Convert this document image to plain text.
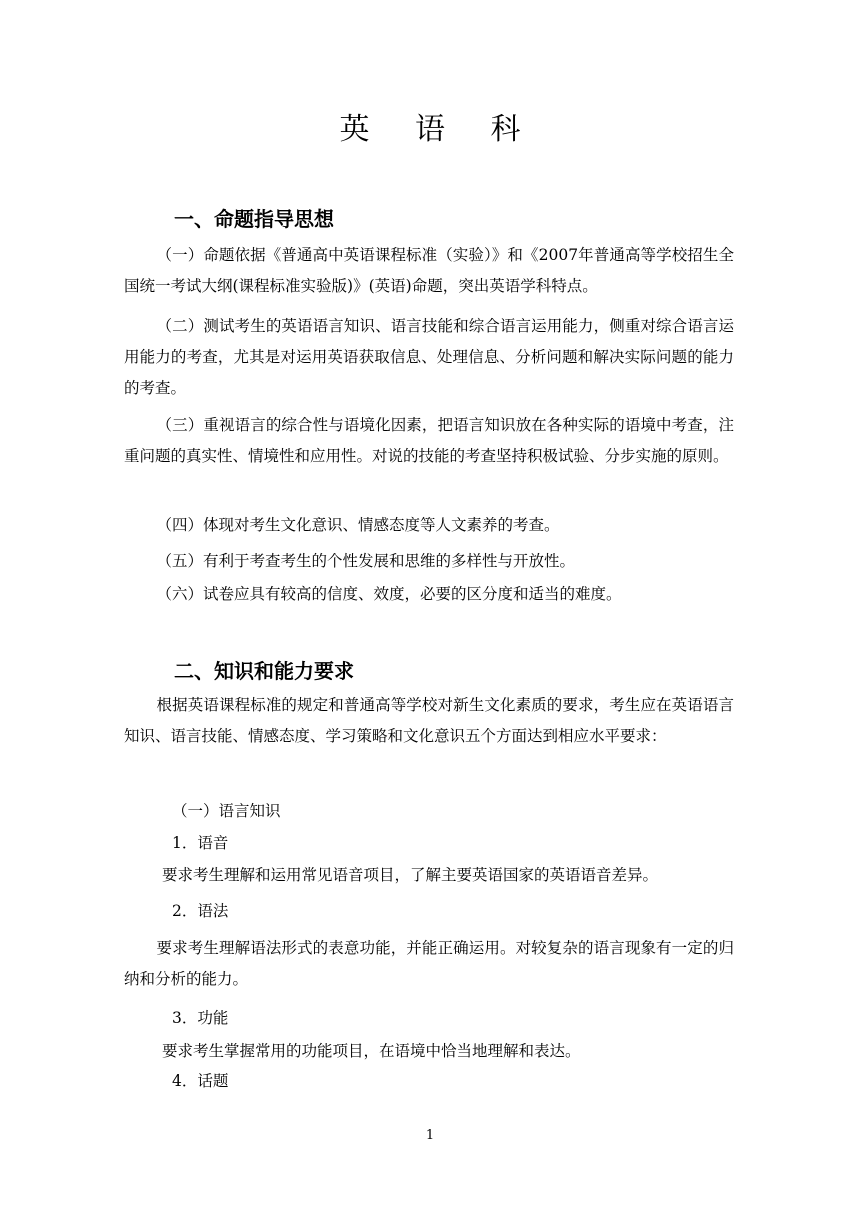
英 语 科
一、命题指导思想

（一）命题依据《普通高中英语课程标准（实验）》和《2007年普通高等学校招生全国统一考试大纲(课程标准实验版)》(英语)命题，突出英语学科特点。

（二）测试考生的英语语言知识、语言技能和综合语言运用能力，侧重对综合语言运用能力的考查，尤其是对运用英语获取信息、处理信息、分析问题和解决实际问题的能力的考查。

（三）重视语言的综合性与语境化因素，把语言知识放在各种实际的语境中考查，注重问题的真实性、情境性和应用性。对说的技能的考查坚持积极试验、分步实施的原则。

（四）体现对考生文化意识、情感态度等人文素养的考查。

（五）有利于考查考生的个性发展和思维的多样性与开放性。

（六）试卷应具有较高的信度、效度，必要的区分度和适当的难度。

二、知识和能力要求

根据英语课程标准的规定和普通高等学校对新生文化素质的要求，考生应在英语语言知识、语言技能、情感态度、学习策略和文化意识五个方面达到相应水平要求：

（一）语言知识

1．语音

要求考生理解和运用常见语音项目，了解主要英语国家的英语语音差异。

2．语法

要求考生理解语法形式的表意功能，并能正确运用。对较复杂的语言现象有一定的归纳和分析的能力。

3．功能

要求考生掌握常用的功能项目，在语境中恰当地理解和表达。

4．话题

1
